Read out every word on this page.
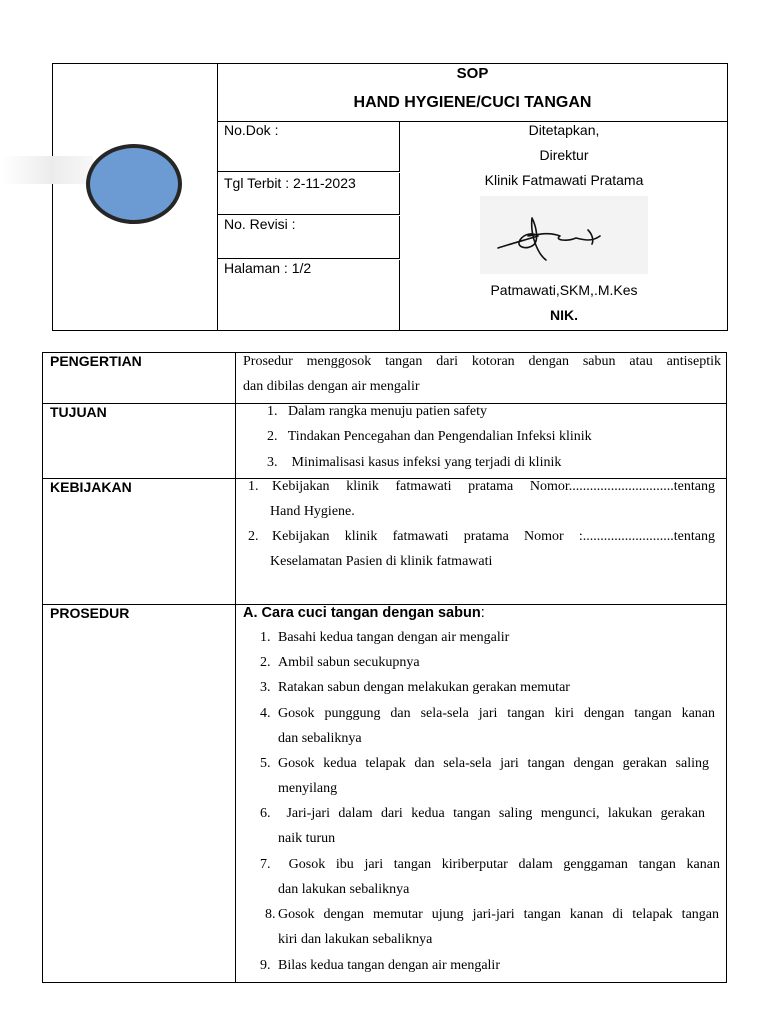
SOP
HAND HYGIENE/CUCI TANGAN
No.Dok :
Tgl Terbit : 2-11-2023
No. Revisi :
Halaman : 1/2
Ditetapkan,
Direktur
Klinik Fatmawati Pratama
Patmawati,SKM,.M.Kes
NIK.
PENGERTIAN	Prosedur menggosok tangan dari kotoran dengan sabun atau antiseptik
dan dibilas dengan air mengalir
TUJUAN	1.   Dalam rangka menuju patien safety
2.   Tindakan Pencegahan dan Pengendalian Infeksi klinik
3.    Minimalisasi kasus infeksi yang terjadi di klinik
KEBIJAKAN	1. Kebijakan klinik fatmawati pratama Nomor..............................tentang
Hand Hygiene.
2. Kebijakan klinik fatmawati pratama Nomor :..........................tentang
Keselamatan Pasien di klinik fatmawati
PROSEDUR	A. Cara cuci tangan dengan sabun:
1. Basahi kedua tangan dengan air mengalir
2. Ambil sabun secukupnya
3. Ratakan sabun dengan melakukan gerakan memutar
4. Gosok punggung dan sela-sela jari tangan kiri dengan tangan kanan
dan sebaliknya
5. Gosok kedua telapak dan sela-sela jari tangan dengan gerakan saling
menyilang
6. Jari-jari dalam dari kedua tangan saling mengunci, lakukan gerakan
naik turun
7. Gosok ibu jari tangan kiriberputar dalam genggaman tangan kanan
dan lakukan sebaliknya
8. Gosok dengan memutar ujung jari-jari tangan kanan di telapak tangan
kiri dan lakukan sebaliknya
9. Bilas kedua tangan dengan air mengalir
